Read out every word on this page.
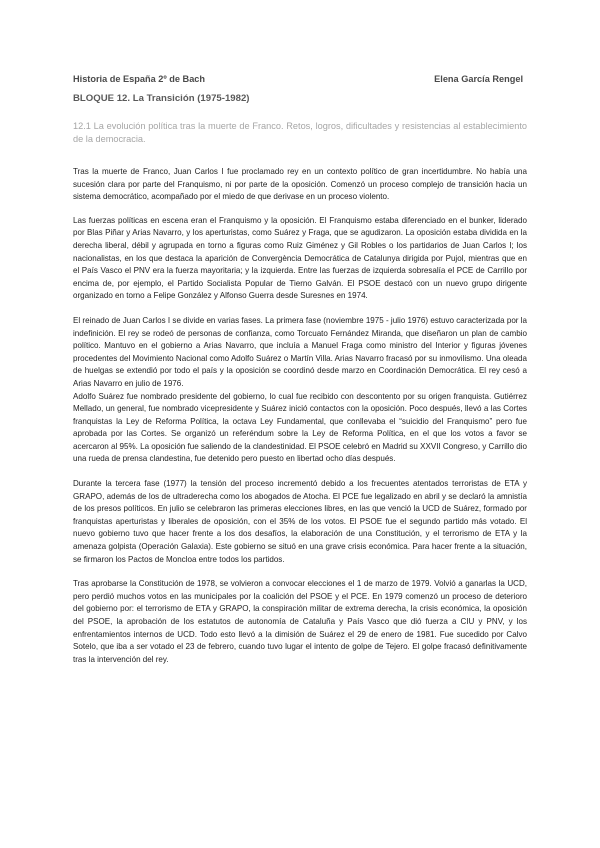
Historia de España 2º de Bach	Elena García Rengel
BLOQUE 12. La Transición (1975-1982)
12.1 La evolución política tras la muerte de Franco. Retos, logros, dificultades y resistencias al establecimiento de la democracia.

Tras la muerte de Franco, Juan Carlos I fue proclamado rey en un contexto político de gran incertidumbre. No había una sucesión clara por parte del Franquismo, ni por parte de la oposición. Comenzó un proceso complejo de transición hacia un sistema democrático, acompañado por el miedo de que derivase en un proceso violento.

Las fuerzas políticas en escena eran el Franquismo y la oposición. El Franquismo estaba diferenciado en el bunker, liderado por Blas Piñar y Arias Navarro, y los aperturistas, como Suárez y Fraga, que se agudizaron. La oposición estaba dividida en la derecha liberal, débil y agrupada en torno a figuras como Ruiz Giménez y Gil Robles o los partidarios de Juan Carlos I; los nacionalistas, en los que destaca la aparición de Convergència Democrática de Catalunya dirigida por Pujol, mientras que en el País Vasco el PNV era la fuerza mayoritaria; y la izquierda. Entre las fuerzas de izquierda sobresalía el PCE de Carrillo por encima de, por ejemplo, el Partido Socialista Popular de Tierno Galván. El PSOE destacó con un nuevo grupo dirigente organizado en torno a Felipe González y Alfonso Guerra desde Suresnes en 1974.

El reinado de Juan Carlos I se divide en varias fases. La primera fase (noviembre 1975 - julio 1976) estuvo caracterizada por la indefinición. El rey se rodeó de personas de confianza, como Torcuato Fernández Miranda, que diseñaron un plan de cambio político. Mantuvo en el gobierno a Arias Navarro, que incluía a Manuel Fraga como ministro del Interior y figuras jóvenes procedentes del Movimiento Nacional como Adolfo Suárez o Martín Villa. Arias Navarro fracasó por su inmovilismo. Una oleada de huelgas se extendió por todo el país y la oposición se coordinó desde marzo en Coordinación Democrática. El rey cesó a Arias Navarro en julio de 1976.

Adolfo Suárez fue nombrado presidente del gobierno, lo cual fue recibido con descontento por su origen franquista. Gutiérrez Mellado, un general, fue nombrado vicepresidente y Suárez inició contactos con la oposición. Poco después, llevó a las Cortes franquistas la Ley de Reforma Política, la octava Ley Fundamental, que conllevaba el “suicidio del Franquismo” pero fue aprobada por las Cortes. Se organizó un referéndum sobre la Ley de Reforma Política, en el que los votos a favor se acercaron al 95%. La oposición fue saliendo de la clandestinidad. El PSOE celebró en Madrid su XXVII Congreso, y Carrillo dio una rueda de prensa clandestina, fue detenido pero puesto en libertad ocho días después.

Durante la tercera fase (1977) la tensión del proceso incrementó debido a los frecuentes atentados terroristas de ETA y GRAPO, además de los de ultraderecha como los abogados de Atocha. El PCE fue legalizado en abril y se declaró la amnistía de los presos políticos. En julio se celebraron las primeras elecciones libres, en las que venció la UCD de Suárez, formado por franquistas aperturistas y liberales de oposición, con el 35% de los votos. El PSOE fue el segundo partido más votado. El nuevo gobierno tuvo que hacer frente a los dos desafíos, la elaboración de una Constitución, y el terrorismo de ETA y la amenaza golpista (Operación Galaxia). Este gobierno se situó en una grave crisis económica. Para hacer frente a la situación, se firmaron los Pactos de Moncloa entre todos los partidos.

Tras aprobarse la Constitución de 1978, se volvieron a convocar elecciones el 1 de marzo de 1979. Volvió a ganarlas la UCD, pero perdió muchos votos en las municipales por la coalición del PSOE y el PCE. En 1979 comenzó un proceso de deterioro del gobierno por: el terrorismo de ETA y GRAPO, la conspiración militar de extrema derecha, la crisis económica, la oposición del PSOE, la aprobación de los estatutos de autonomía de Cataluña y País Vasco que dió fuerza a CIU y PNV, y los enfrentamientos internos de UCD. Todo esto llevó a la dimisión de Suárez el 29 de enero de 1981. Fue sucedido por Calvo Sotelo, que iba a ser votado el 23 de febrero, cuando tuvo lugar el intento de golpe de Tejero. El golpe fracasó definitivamente tras la intervención del rey.
